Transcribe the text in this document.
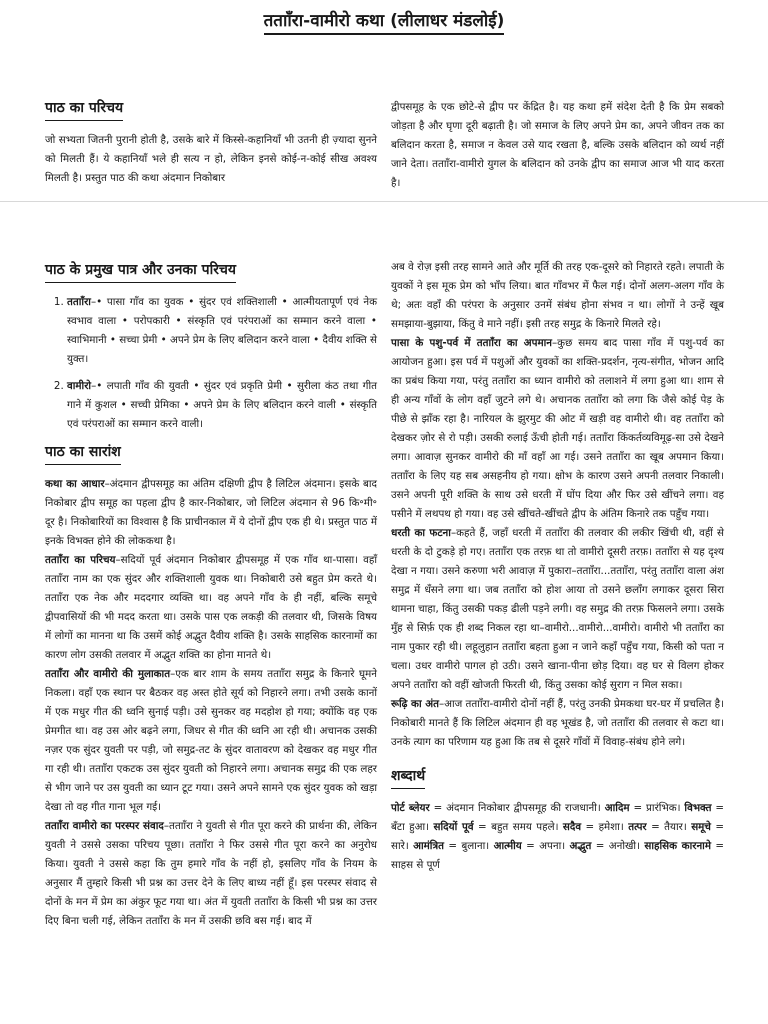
ततााँरा-वामीरो कथा (लीलाधर मंडलोई)
पाठ का परिचय

जो सभ्यता जितनी पुरानी होती है, उसके बारे में किस्से-कहानियाँ भी उतनी ही ज़्यादा सुनने को मिलती हैं। ये कहानियाँ भले ही सत्य न हो, लेकिन इनसे कोई-न-कोई सीख अवश्य मिलती है। प्रस्तुत पाठ की कथा अंदमान निकोबार

द्वीपसमूह के एक छोटे-से द्वीप पर केंद्रित है। यह कथा हमें संदेश देती है कि प्रेम सबको जोड़ता है और घृणा दूरी बढ़ाती है। जो समाज के लिए अपने प्रेम का, अपने जीवन तक का बलिदान करता है, समाज न केवल उसे याद रखता है, बल्कि उसके बलिदान को व्यर्थ नहीं जाने देता। ततााँरा-वामीरो युगल के बलिदान को उनके द्वीप का समाज आज भी याद करता है।

पाठ के प्रमुख पात्र और उनका परिचय
1. ततााँरा–• पासा गाँव का युवक • सुंदर एवं शक्तिशाली • आत्मीयतापूर्ण एवं नेक स्वभाव वाला • परोपकारी • संस्कृति एवं परंपराओं का सम्मान करने वाला • स्वाभिमानी • सच्चा प्रेमी • अपने प्रेम के लिए बलिदान करने वाला • दैवीय शक्ति से युक्त।
2. वामीरो–• लपाती गाँव की युवती • सुंदर एवं प्रकृति प्रेमी • सुरीला कंठ तथा गीत गाने में कुशल • सच्ची प्रेमिका • अपने प्रेम के लिए बलिदान करने वाली • संस्कृति एवं परंपराओं का सम्मान करने वाली।
पाठ का सारांश

कथा का आधार–अंदमान द्वीपसमूह का अंतिम दक्षिणी द्वीप है लिटिल अंदमान। इसके बाद निकोबार द्वीप समूह का पहला द्वीप है कार-निकोबार, जो लिटिल अंदमान से 96 कि॰मी॰ दूर है। निकोबारियों का विश्वास है कि प्राचीनकाल में ये दोनों द्वीप एक ही थे। प्रस्तुत पाठ में इनके विभक्त होने की लोककथा है।

ततााँरा का परिचय–सदियों पूर्व अंदमान निकोबार द्वीपसमूह में एक गाँव था-पासा। वहाँ ततााँरा नाम का एक सुंदर और शक्तिशाली युवक था। निकोबारी उसे बहुत प्रेम करते थे। ततााँरा एक नेक और मददगार व्यक्ति था। वह अपने गाँव के ही नहीं, बल्कि समूचे द्वीपवासियों की भी मदद करता था। उसके पास एक लकड़ी की तलवार थी, जिसके विषय में लोगों का मानना था कि उसमें कोई अद्भुत दैवीय शक्ति है। उसके साहसिक कारनामों का कारण लोग उसकी तलवार में अद्भुत शक्ति का होना मानते थे।

ततााँरा और वामीरो की मुलाकात–एक बार शाम के समय ततााँरा समुद्र के किनारे घूमने निकला। वहाँ एक स्थान पर बैठकर वह अस्त होते सूर्य को निहारने लगा। तभी उसके कानों में एक मधुर गीत की ध्वनि सुनाई पड़ी। उसे सुनकर वह मदहोश हो गया; क्योंकि वह एक प्रेमगीत था। वह उस ओर बढ़ने लगा, जिधर से गीत की ध्वनि आ रही थी। अचानक उसकी नज़र एक सुंदर युवती पर पड़ी, जो समुद्र-तट के सुंदर वातावरण को देखकर वह मधुर गीत गा रही थी। ततााँरा एकटक उस सुंदर युवती को निहारने लगा। अचानक समुद्र की एक लहर से भीग जाने पर उस युवती का ध्यान टूट गया। उसने अपने सामने एक सुंदर युवक को खड़ा देखा तो वह गीत गाना भूल गई।

ततााँरा वामीरो का परस्पर संवाद–ततााँरा ने युवती से गीत पूरा करने की प्रार्थना की, लेकिन युवती ने उससे उसका परिचय पूछा। ततााँरा ने फिर उससे गीत पूरा करने का अनुरोध किया। युवती ने उससे कहा कि तुम हमारे गाँव के नहीं हो, इसलिए गाँव के नियम के अनुसार मैं तुम्हारे किसी भी प्रश्न का उत्तर देने के लिए बाध्य नहीं हूँ। इस परस्पर संवाद से दोनों के मन में प्रेम का अंकुर फूट गया था। अंत में युवती ततााँरा के किसी भी प्रश्न का उत्तर दिए बिना चली गई, लेकिन ततााँरा के मन में उसकी छवि बस गई। बाद में

अब वे रोज़ इसी तरह सामने आते और मूर्ति की तरह एक-दूसरे को निहारते रहते। लपाती के युवकों ने इस मूक प्रेम को भाँप लिया। बात गाँवभर में फैल गई। दोनों अलग-अलग गाँव के थे; अतः वहाँ की परंपरा के अनुसार उनमें संबंध होना संभव न था। लोगों ने उन्हें खूब समझाया-बुझाया, किंतु वे माने नहीं। इसी तरह समुद्र के किनारे मिलते रहे।

पासा के पशु-पर्व में ततााँरा का अपमान–कुछ समय बाद पासा गाँव में पशु-पर्व का आयोजन हुआ। इस पर्व में पशुओं और युवकों का शक्ति-प्रदर्शन, नृत्य-संगीत, भोजन आदि का प्रबंध किया गया, परंतु ततााँरा का ध्यान वामीरो को तलाशने में लगा हुआ था। शाम से ही अन्य गाँवों के लोग वहाँ जुटने लगे थे। अचानक ततााँरा को लगा कि जैसे कोई पेड़ के पीछे से झाँक रहा है। नारियल के झुरमुट की ओट में खड़ी वह वामीरो थी। वह ततााँरा को देखकर ज़ोर से रो पड़ी। उसकी रुलाई ऊँची होती गई। ततााँरा किंकर्तव्यविमूढ़-सा उसे देखने लगा। आवाज़ सुनकर वामीरो की माँ वहाँ आ गई। उसने ततााँरा का खूब अपमान किया। ततााँरा के लिए यह सब असहनीय हो गया। क्षोभ के कारण उसने अपनी तलवार निकाली। उसने अपनी पूरी शक्ति के साथ उसे धरती में घोंप दिया और फिर उसे खींचने लगा। वह पसीने में लथपथ हो गया। वह उसे खींचते-खींचते द्वीप के अंतिम किनारे तक पहुँच गया।

धरती का फटना–कहते हैं, जहाँ धरती में ततााँरा की तलवार की लकीर खिंची थी, वहीं से धरती के दो टुकड़े हो गए। ततााँरा एक तरफ़ था तो वामीरो दूसरी तरफ़। ततााँरा से यह दृश्य देखा न गया। उसने करुणा भरी आवाज़ में पुकारा–ततााँरा...ततााँरा, परंतु ततााँरा वाला अंश समुद्र में धँसने लगा था। जब ततााँरा को होश आया तो उसने छलाँग लगाकर दूसरा सिरा थामना चाहा, किंतु उसकी पकड़ ढीली पड़ने लगी। वह समुद्र की तरफ़ फिसलने लगा। उसके मुँह से सिर्फ़ एक ही शब्द निकल रहा था–वामीरो...वामीरो...वामीरो। वामीरो भी ततााँरा का नाम पुकार रही थी। लहूलुहान ततााँरा बहता हुआ न जाने कहाँ पहुँच गया, किसी को पता न चला। उधर वामीरो पागल हो उठी। उसने खाना-पीना छोड़ दिया। वह घर से विलग होकर अपने ततााँरा को वहीं खोजती फिरती थी, किंतु उसका कोई सुराग न मिल सका।

रूढ़ि का अंत–आज ततााँरा-वामीरो दोनों नहीं हैं, परंतु उनकी प्रेमकथा घर-घर में प्रचलित है। निकोबारी मानते हैं कि लिटिल अंदमान ही वह भूखंड है, जो ततााँरा की तलवार से कटा था। उनके त्याग का परिणाम यह हुआ कि तब से दूसरे गाँवों में विवाह-संबंध होने लगे।

शब्दार्थ

पोर्ट ब्लेयर = अंदमान निकोबार द्वीपसमूह की राजधानी। आदिम = प्रारंभिक। विभक्त = बँटा हुआ। सदियों पूर्व = बहुत समय पहले। सदैव = हमेशा। तत्पर = तैयार। समूचे = सारे। आमंत्रित = बुलाना। आत्मीय = अपना। अद्भुत = अनोखी। साहसिक कारनामे = साहस से पूर्ण
